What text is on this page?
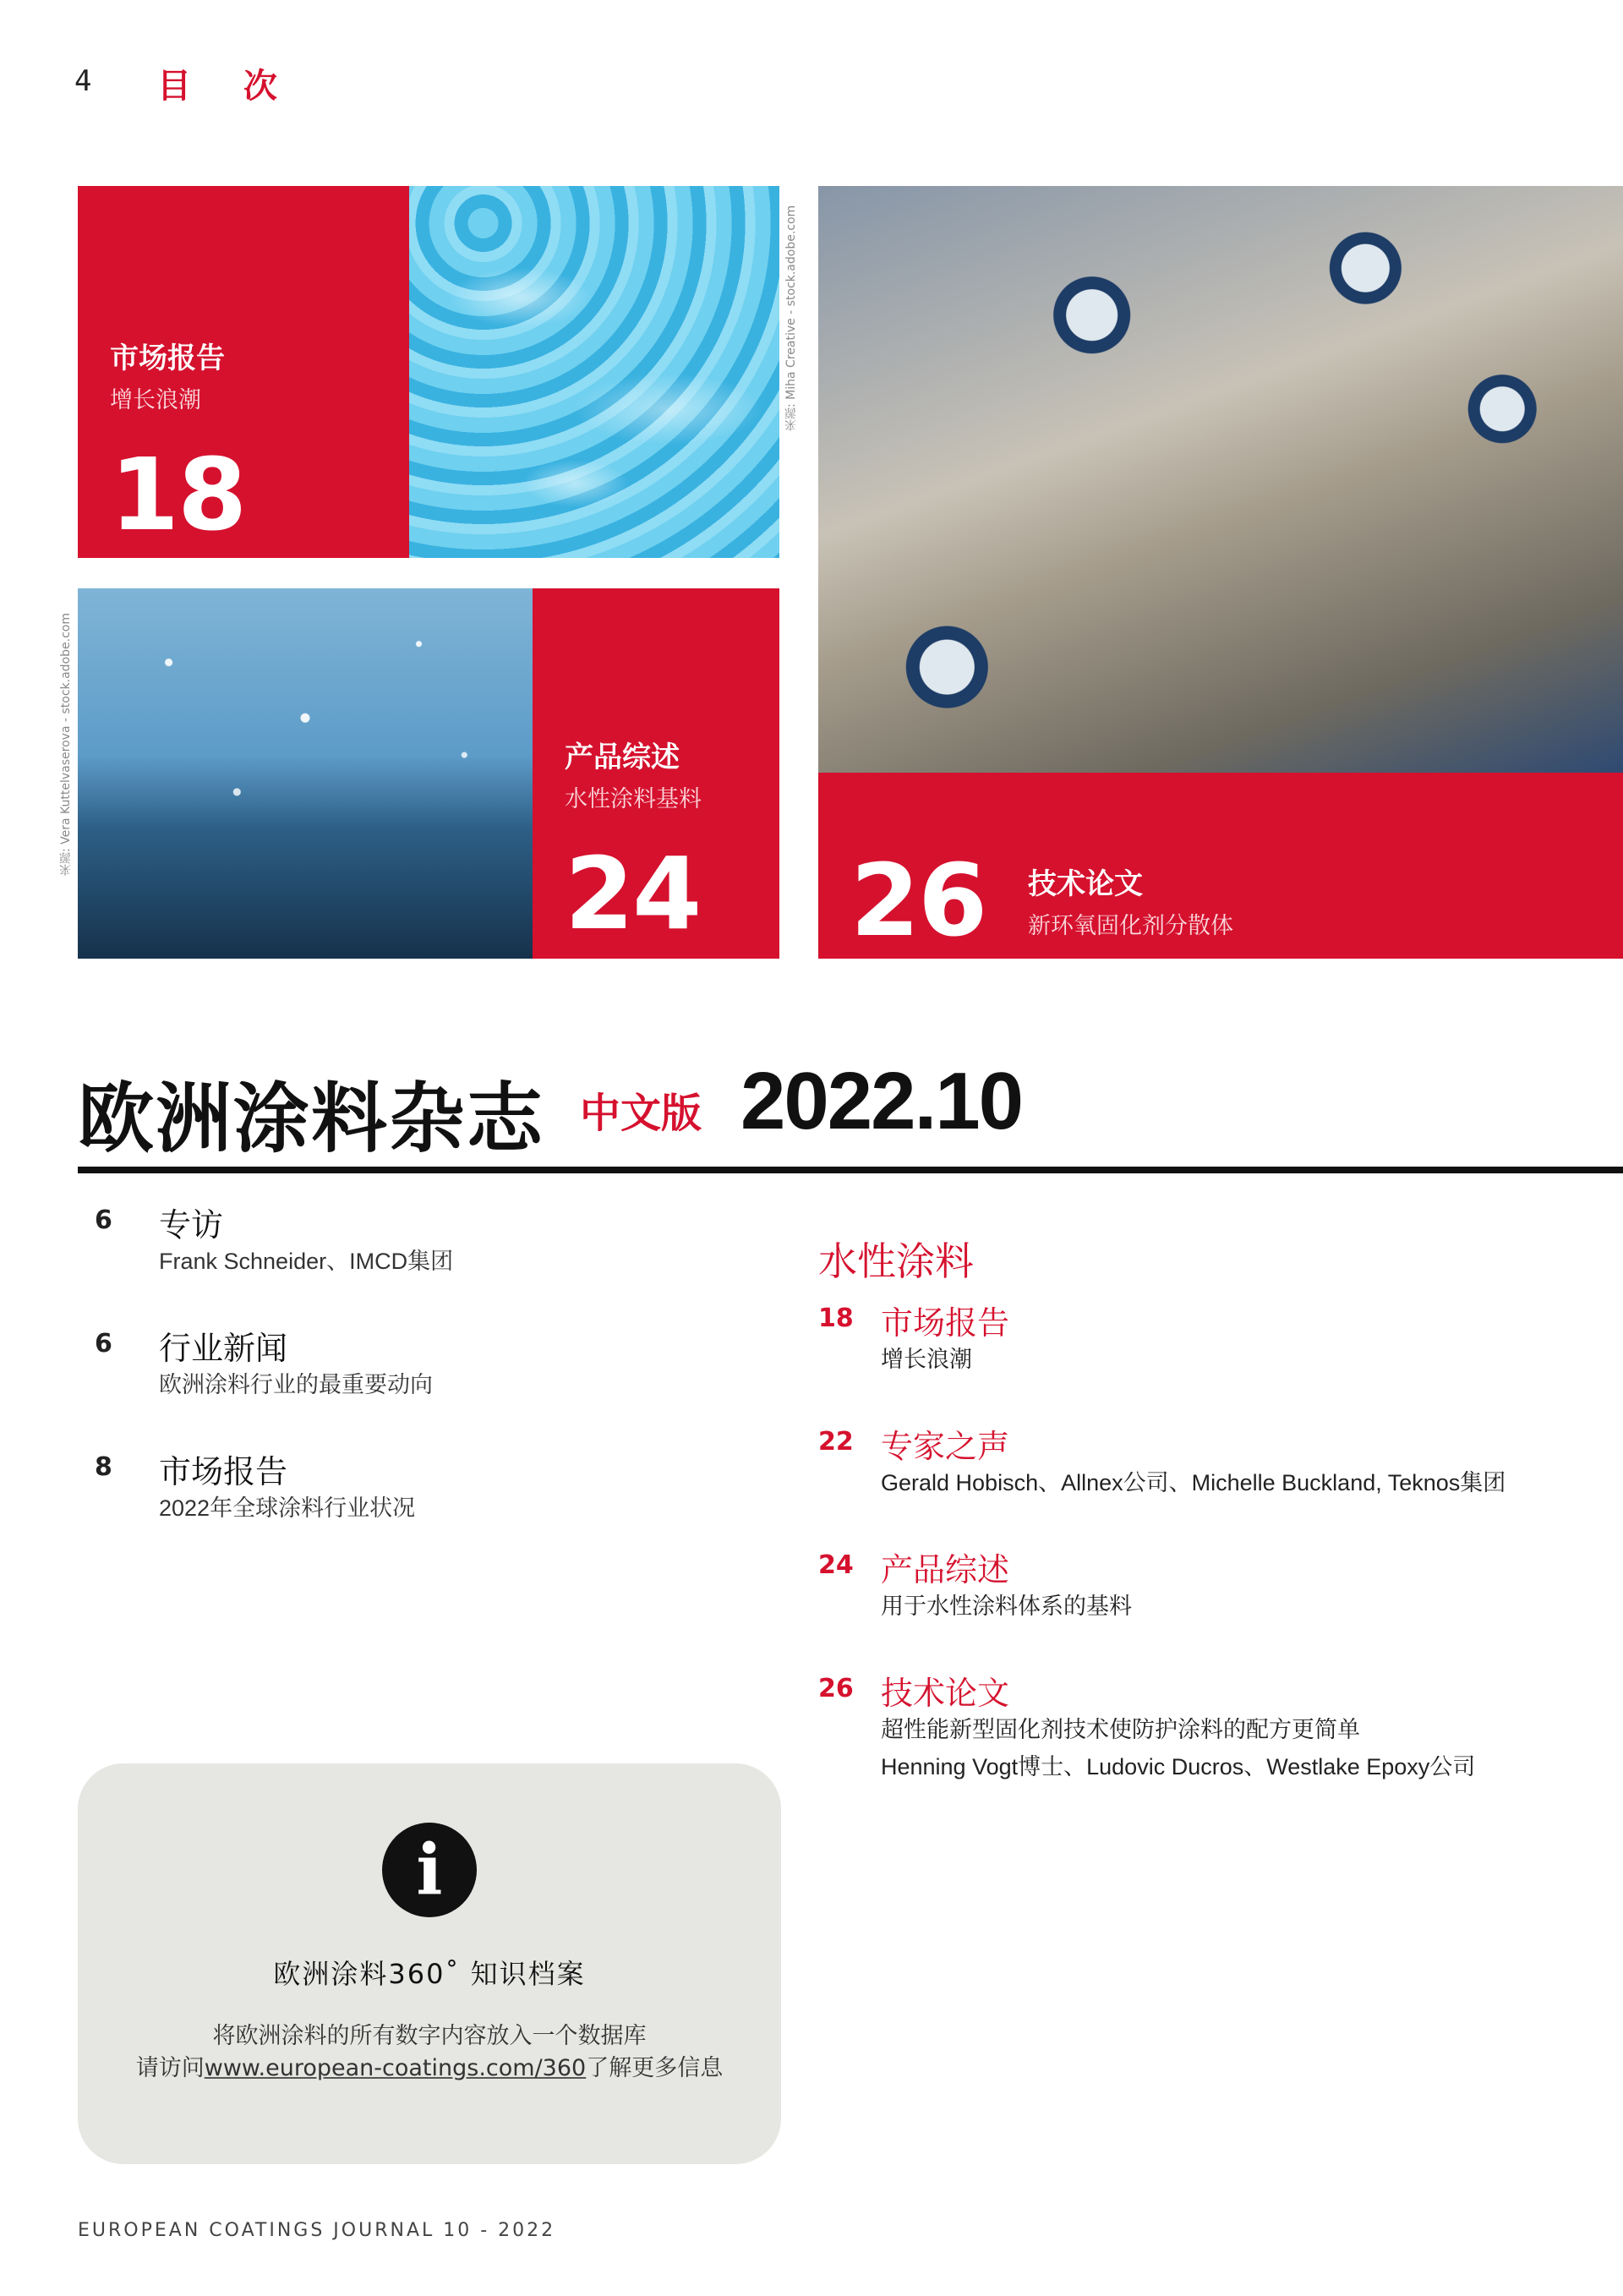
4 目 次
市场报告
增长浪潮
18
来源: Miha Creative - stock.adobe.com
来源: Vera Kuttelvaserova - stock.adobe.com	产品综述
水性涂料基料
24 26 技术论文
新环氧固化剂分散体
欧洲涂料杂志 中文版 2022.10
6 专访
Frank Schneider、IMCD集团
6 行业新闻
欧洲涂料行业的最重要动向
8 市场报告
2022年全球涂料行业状况
水性涂料
18 市场报告
增长浪潮
22 专家之声
Gerald Hobisch、Allnex公司、Michelle Buckland, Teknos集团
24 产品综述
用于水性涂料体系的基料
26 技术论文
超性能新型固化剂技术使防护涂料的配方更简单
Henning Vogt博士、Ludovic Ducros、Westlake Epoxy公司
i
欧洲涂料360˚ 知识档案
将欧洲涂料的所有数字内容放入一个数据库
请访问www.european-coatings.com/360了解更多信息
EUROPEAN COATINGS JOURNAL 10 - 2022
